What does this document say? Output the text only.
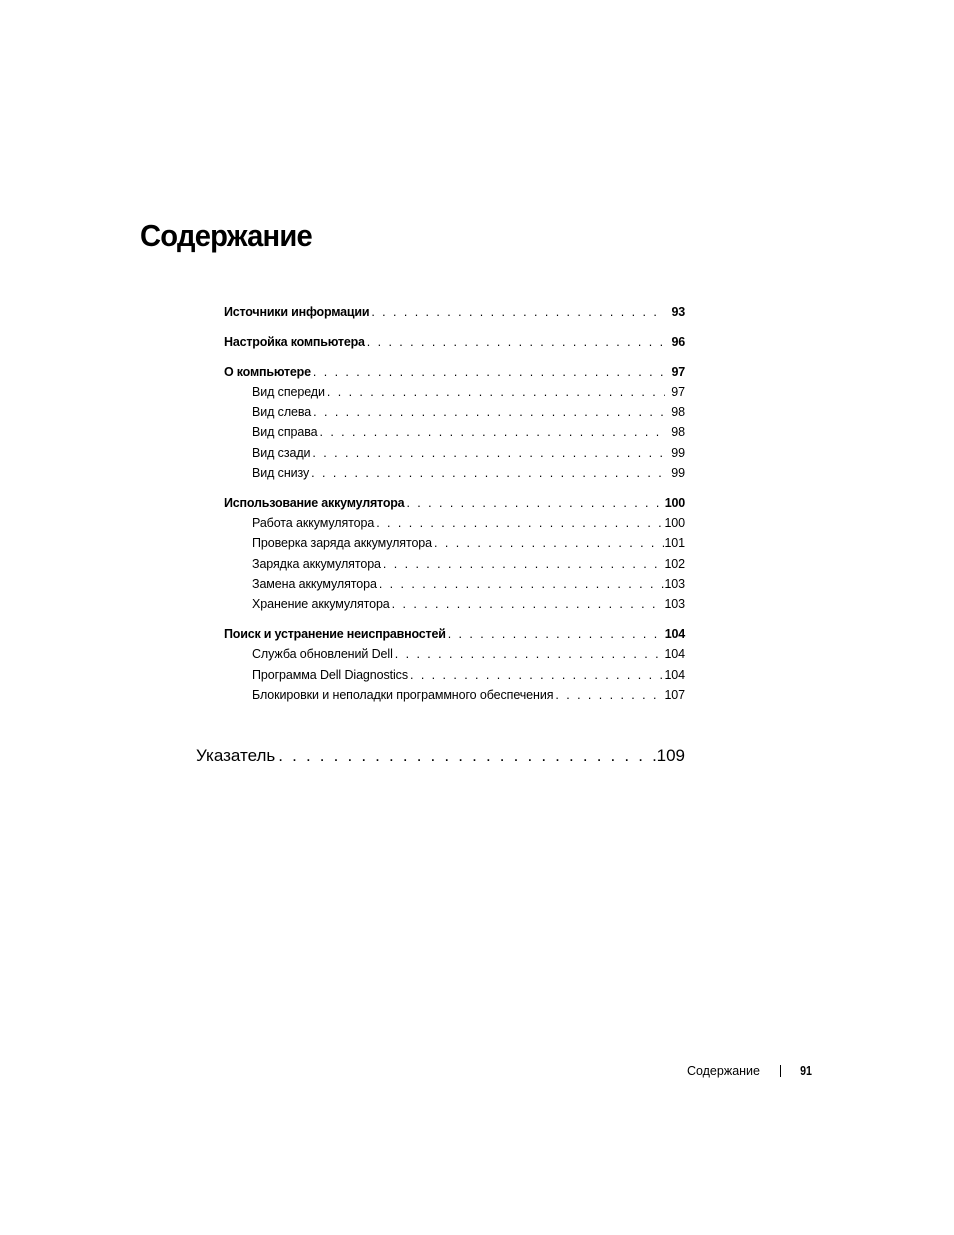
Содержание
Источники информации . . .	93
Настройка компьютера . . .	96
О компьютере . . .	97
Вид спереди . . .	97
Вид слева . . .	98
Вид справа . . .	98
Вид сзади . . .	99
Вид снизу . . .	99
Использование аккумулятора . . .	100
Работа аккумулятора . . .	100
Проверка заряда аккумулятора . . .	101
Зарядка аккумулятора . . .	102
Замена аккумулятора . . .	103
Хранение аккумулятора . . .	103
Поиск и устранение неисправностей . . .	104
Служба обновлений Dell . . .	104
Программа Dell Diagnostics . . .	104
Блокировки и неполадки программного обеспечения . . .	107
Указатель . . .	109
Содержание	91
